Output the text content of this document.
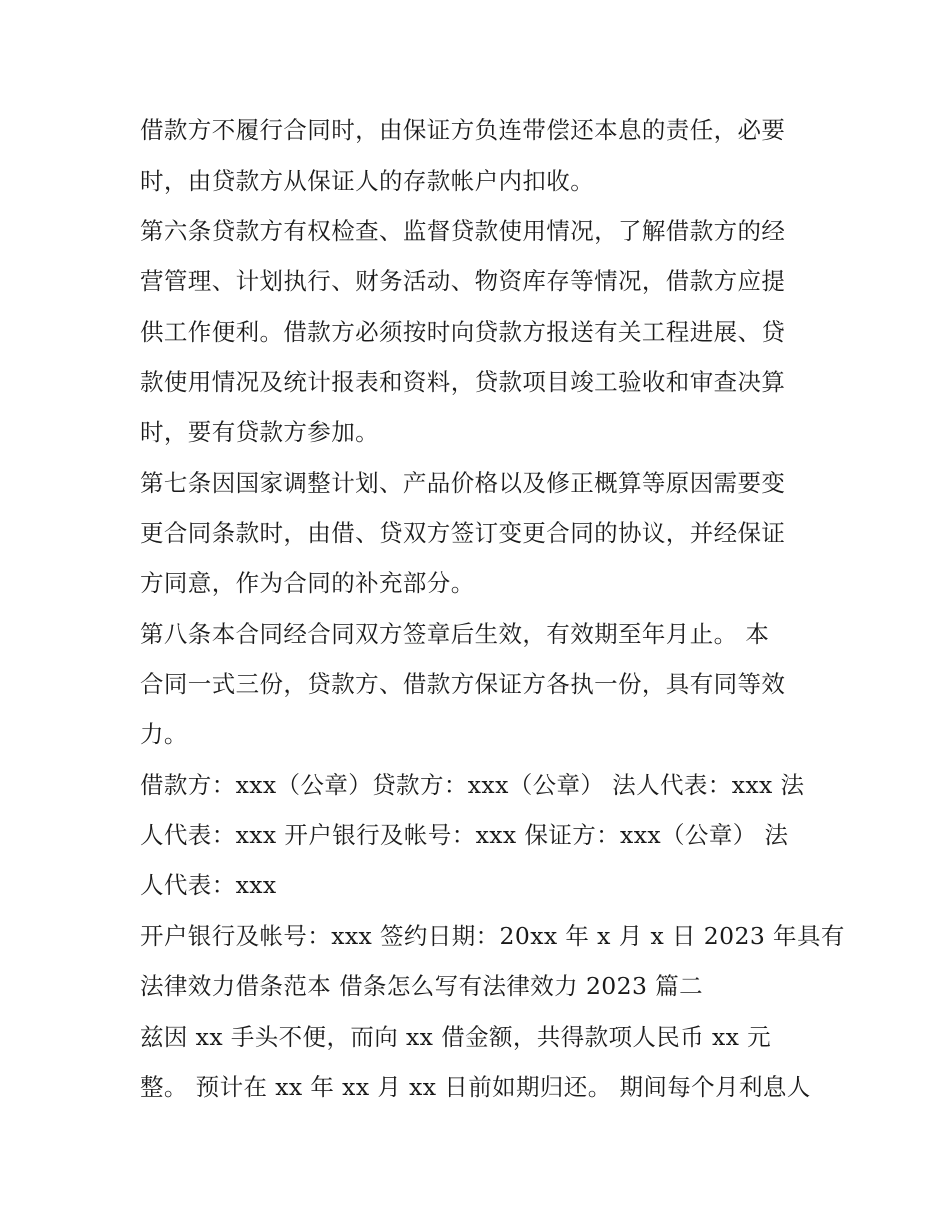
借款方不履行合同时，由保证方负连带偿还本息的责任，必要
时，由贷款方从保证人的存款帐户内扣收。
第六条贷款方有权检查、监督贷款使用情况，了解借款方的经
营管理、计划执行、财务活动、物资库存等情况，借款方应提
供工作便利。借款方必须按时向贷款方报送有关工程进展、贷
款使用情况及统计报表和资料，贷款项目竣工验收和审查决算
时，要有贷款方参加。
第七条因国家调整计划、产品价格以及修正概算等原因需要变
更合同条款时，由借、贷双方签订变更合同的协议，并经保证
方同意，作为合同的补充部分。
第八条本合同经合同双方签章后生效，有效期至年月止。 本
合同一式三份，贷款方、借款方保证方各执一份，具有同等效
力。
借款方：xxx（公章）贷款方：xxx（公章） 法人代表：xxx 法
人代表：xxx 开户银行及帐号：xxx 保证方：xxx（公章） 法
人代表：xxx
开户银行及帐号：xxx 签约日期：20xx 年 x 月 x 日 2023 年具有
法律效力借条范本 借条怎么写有法律效力 2023 篇二
兹因 xx 手头不便，而向 xx 借金额，共得款项人民币 xx 元
整。 预计在 xx 年 xx 月 xx 日前如期归还。 期间每个月利息人
